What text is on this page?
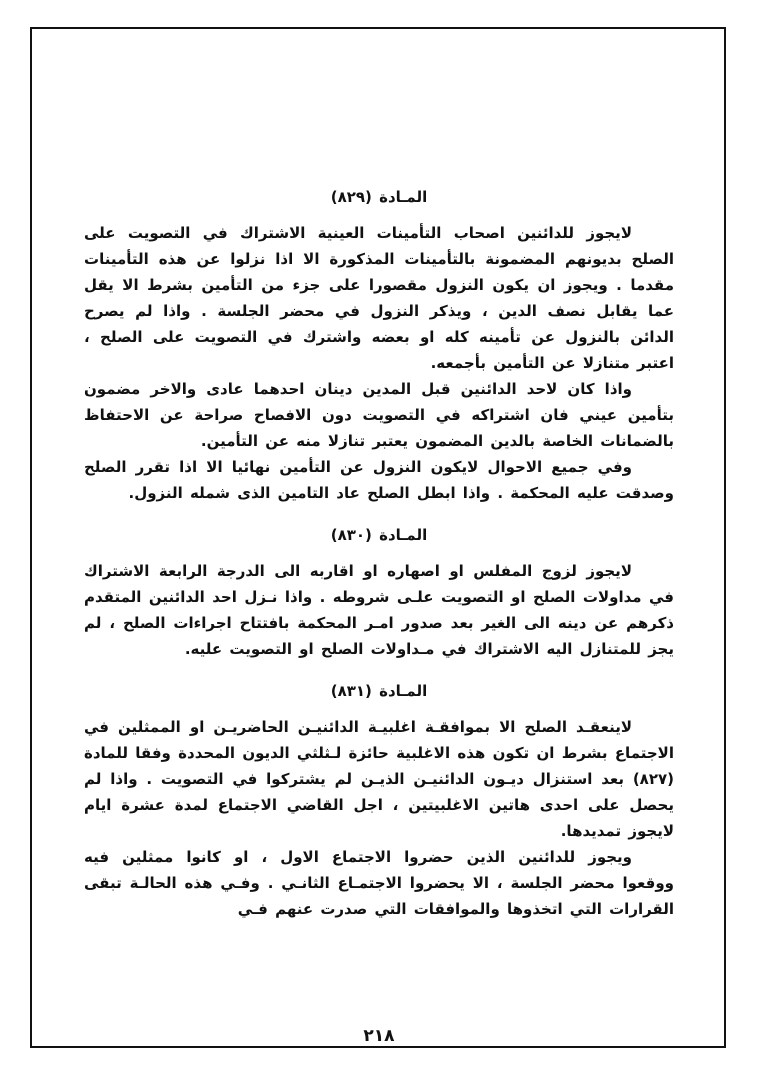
المـادة (٨٢٩)

لايجوز للدائنين اصحاب التأمينات العينية الاشتراك في التصويت على الصلح بديونهم المضمونة بالتأمينات المذكورة الا اذا نزلوا عن هذه التأمينات مقدما . ويجوز ان يكون النزول مقصورا على جزء من التأمين بشرط الا يقل عما يقابل نصف الدين ، ويذكر النزول في محضر الجلسة . واذا لم يصرح الدائن بالنزول عن تأمينه كله او بعضه واشترك في التصويت على الصلح ، اعتبر متنازلا عن التأمين بأجمعه.

واذا كان لاحد الدائنين قبل المدين دينان احدهما عادى والاخر مضمون بتأمين عيني فان اشتراكه في التصويت دون الافصاح صراحة عن الاحتفاظ بالضمانات الخاصة بالدين المضمون يعتبر تنازلا منه عن التأمين.

وفي جميع الاحوال لايكون النزول عن التأمين نهائيا الا اذا تقرر الصلح وصدقت عليه المحكمة . واذا ابطل الصلح عاد التامين الذى شمله النزول.

المـادة (٨٣٠)

لايجوز لزوج المفلس او اصهاره او اقاربه الى الدرجة الرابعة الاشتراك في مداولات الصلح او التصويت علـى شروطه . واذا نـزل احد الدائنين المتقدم ذكرهم عن دينه الى الغير بعد صدور امـر المحكمة بافتتاح اجراءات الصلح ، لم يجز للمتنازل اليه الاشتراك في مـداولات الصلح او التصويت عليه.

المـادة (٨٣١)

لاينعقـد الصلح الا بموافقـة اغلبيـة الدائنيـن الحاضريـن او الممثلين في الاجتماع بشرط ان تكون هذه الاغلبية حائزة لـثلثي الديون المحددة وفقا للمادة (٨٢٧) بعد استنزال ديـون الدائنيـن الذيـن لم يشتركوا في التصويت . واذا لم يحصل على احدى هاتين الاغلبيتين ، اجل القاضي الاجتماع لمدة عشرة ايام لايجوز تمديدها.

ويجوز للدائنين الذين حضروا الاجتماع الاول ، او كانوا ممثلين فيه ووقعوا محضر الجلسة ، الا يحضروا الاجتمـاع الثانـي . وفـي هذه الحالـة تبقى القرارات التي اتخذوها والموافقات التي صدرت عنهم فـي

٢١٨
